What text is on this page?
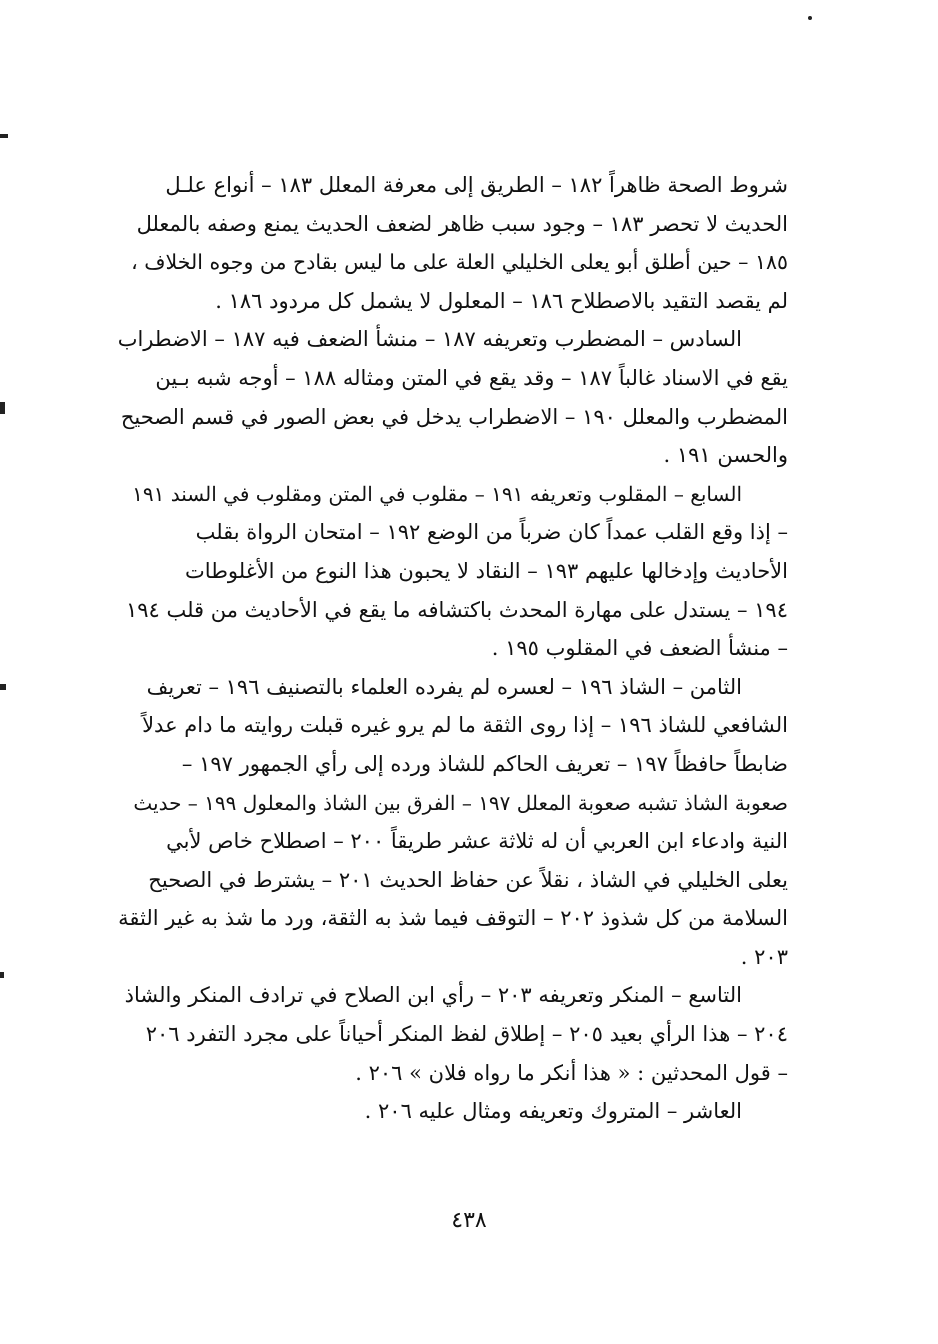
شروط الصحة ظاهراً ١٨٢ – الطريق إلى معرفة المعلل ١٨٣ – أنواع علـل
الحديث لا تحصر ١٨٣ – وجود سبب ظاهر لضعف الحديث يمنع وصفه بالمعلل
١٨٥ – حين أطلق أبو يعلى الخليلي العلة على ما ليس بقادح من وجوه الخلاف ،
لم يقصد التقيد بالاصطلاح ١٨٦ – المعلول لا يشمل كل مردود ١٨٦ .
السادس – المضطرب وتعريفه ١٨٧ – منشأ الضعف فيه ١٨٧ – الاضطراب
يقع في الاسناد غالباً ١٨٧ – وقد يقع في المتن ومثاله ١٨٨ – أوجه شبه بـين
المضطرب والمعلل ١٩٠ – الاضطراب يدخل في بعض الصور في قسم الصحيح
والحسن ١٩١ .
السابع – المقلوب وتعريفه ١٩١ – مقلوب في المتن ومقلوب في السند ١٩١
– إذا وقع القلب عمداً كان ضرباً من الوضع ١٩٢ – امتحان الرواة بقلب
الأحاديث وإدخالها عليهم ١٩٣ – النقاد لا يحبون هذا النوع من الأغلوطات
١٩٤ – يستدل على مهارة المحدث باكتشافه ما يقع في الأحاديث من قلب ١٩٤
– منشأ الضعف في المقلوب ١٩٥ .
الثامن – الشاذ ١٩٦ – لعسره لم يفرده العلماء بالتصنيف ١٩٦ – تعريف
الشافعي للشاذ ١٩٦ – إذا روى الثقة ما لم يرو غيره قبلت روايته ما دام عدلاً
ضابطاً حافظاً ١٩٧ – تعريف الحاكم للشاذ ورده إلى رأي الجمهور ١٩٧ –
صعوبة الشاذ تشبه صعوبة المعلل ١٩٧ – الفرق بين الشاذ والمعلول ١٩٩ – حديث
النية وادعاء ابن العربي أن له ثلاثة عشر طريقاً ٢٠٠ – اصطلاح خاص لأبي
يعلى الخليلي في الشاذ ، نقلاً عن حفاظ الحديث ٢٠١ – يشترط في الصحيح
السلامة من كل شذوذ ٢٠٢ – التوقف فيما شذ به الثقة، ورد ما شذ به غير الثقة
٢٠٣ .
التاسع – المنكر وتعريفه ٢٠٣ – رأي ابن الصلاح في ترادف المنكر والشاذ
٢٠٤ – هذا الرأي بعيد ٢٠٥ – إطلاق لفظ المنكر أحياناً على مجرد التفرد ٢٠٦
– قول المحدثين : « هذا أنكر ما رواه فلان » ٢٠٦ .
العاشر – المتروك وتعريفه ومثال عليه ٢٠٦ .
٤٣٨
